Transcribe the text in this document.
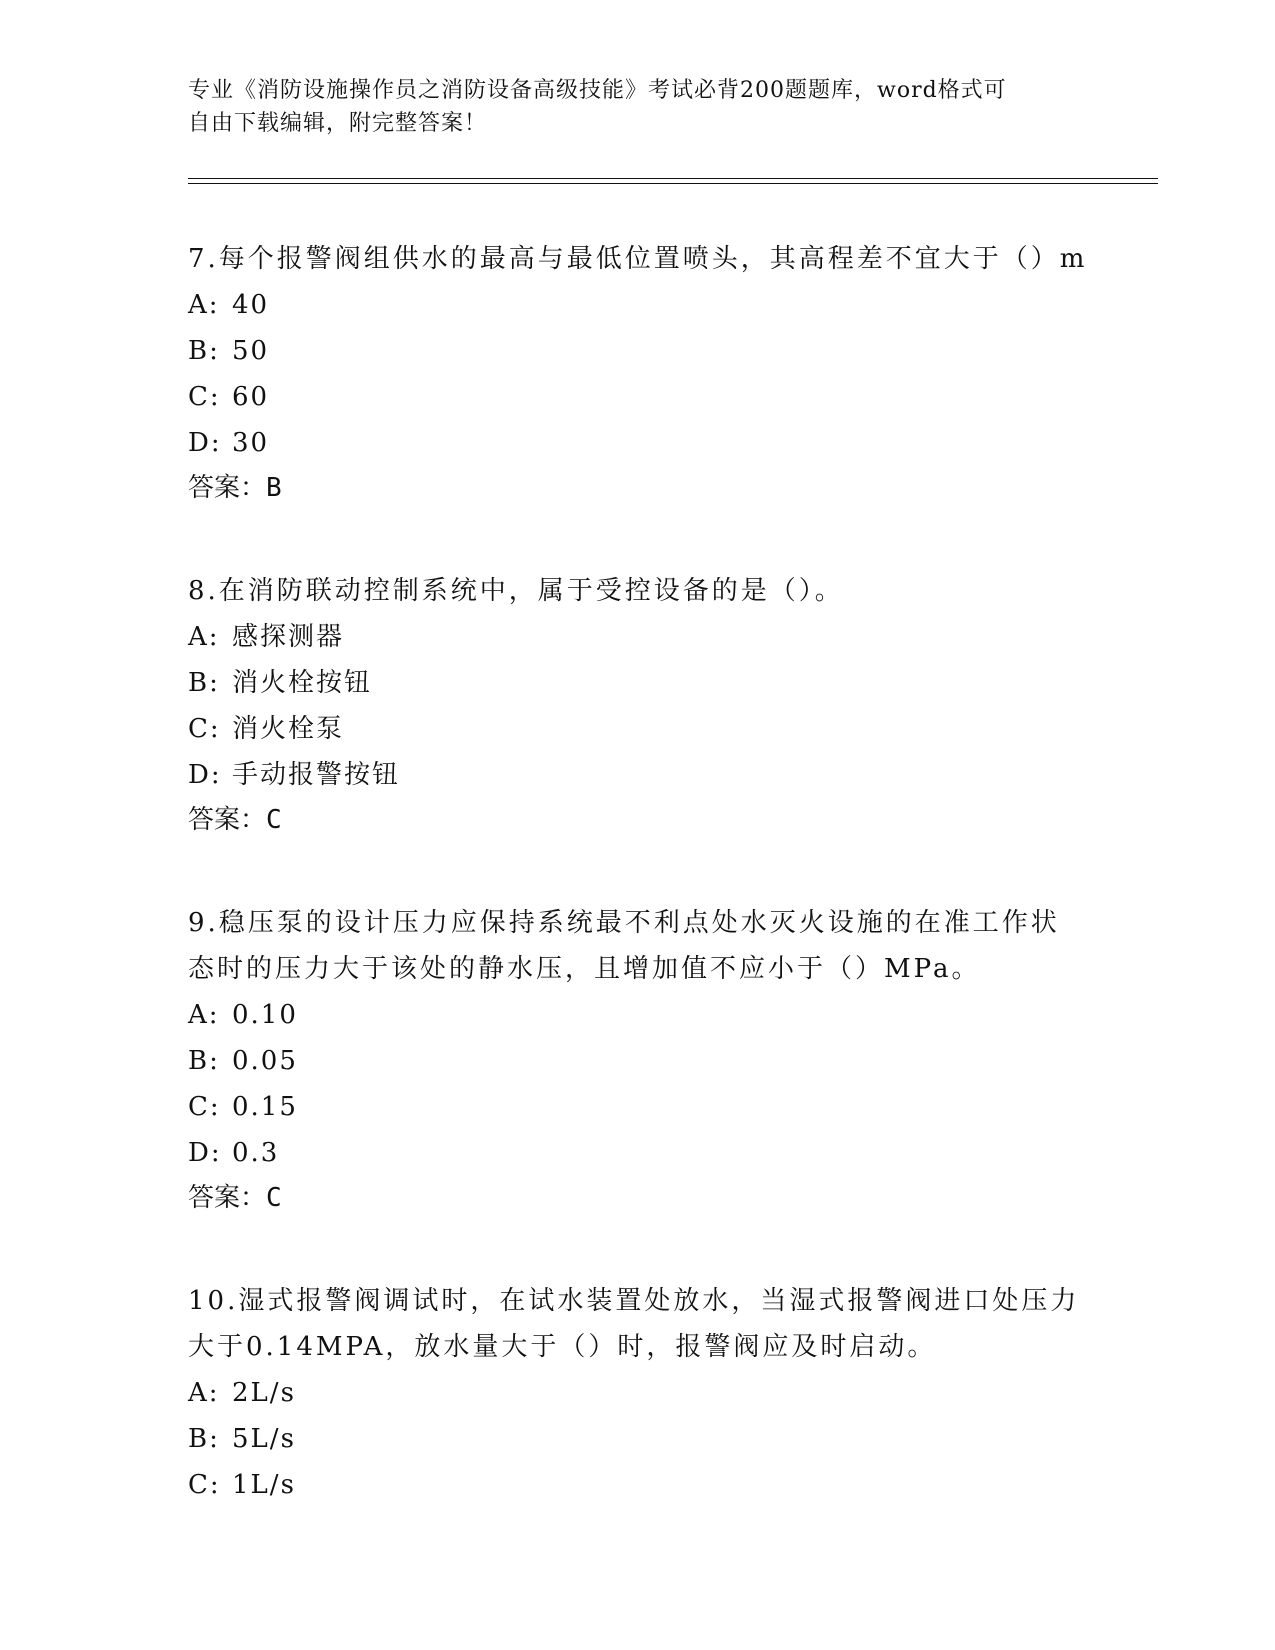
专业《消防设施操作员之消防设备高级技能》考试必背200题题库，word格式可
自由下载编辑，附完整答案！

7.每个报警阀组供水的最高与最低位置喷头，其高程差不宜大于（）m

A: 40

B: 50

C: 60

D: 30

答案：B

8.在消防联动控制系统中，属于受控设备的是（）。

A: 感探测器

B: 消火栓按钮

C: 消火栓泵

D: 手动报警按钮

答案：C

9.稳压泵的设计压力应保持系统最不利点处水灭火设施的在准工作状态时的压力大于该处的静水压，且增加值不应小于（）MPa。

A: 0.10

B: 0.05

C: 0.15

D: 0.3

答案：C

10.湿式报警阀调试时，在试水装置处放水，当湿式报警阀进口处压力大于0.14MPA，放水量大于（）时，报警阀应及时启动。

A: 2L/s

B: 5L/s

C: 1L/s
